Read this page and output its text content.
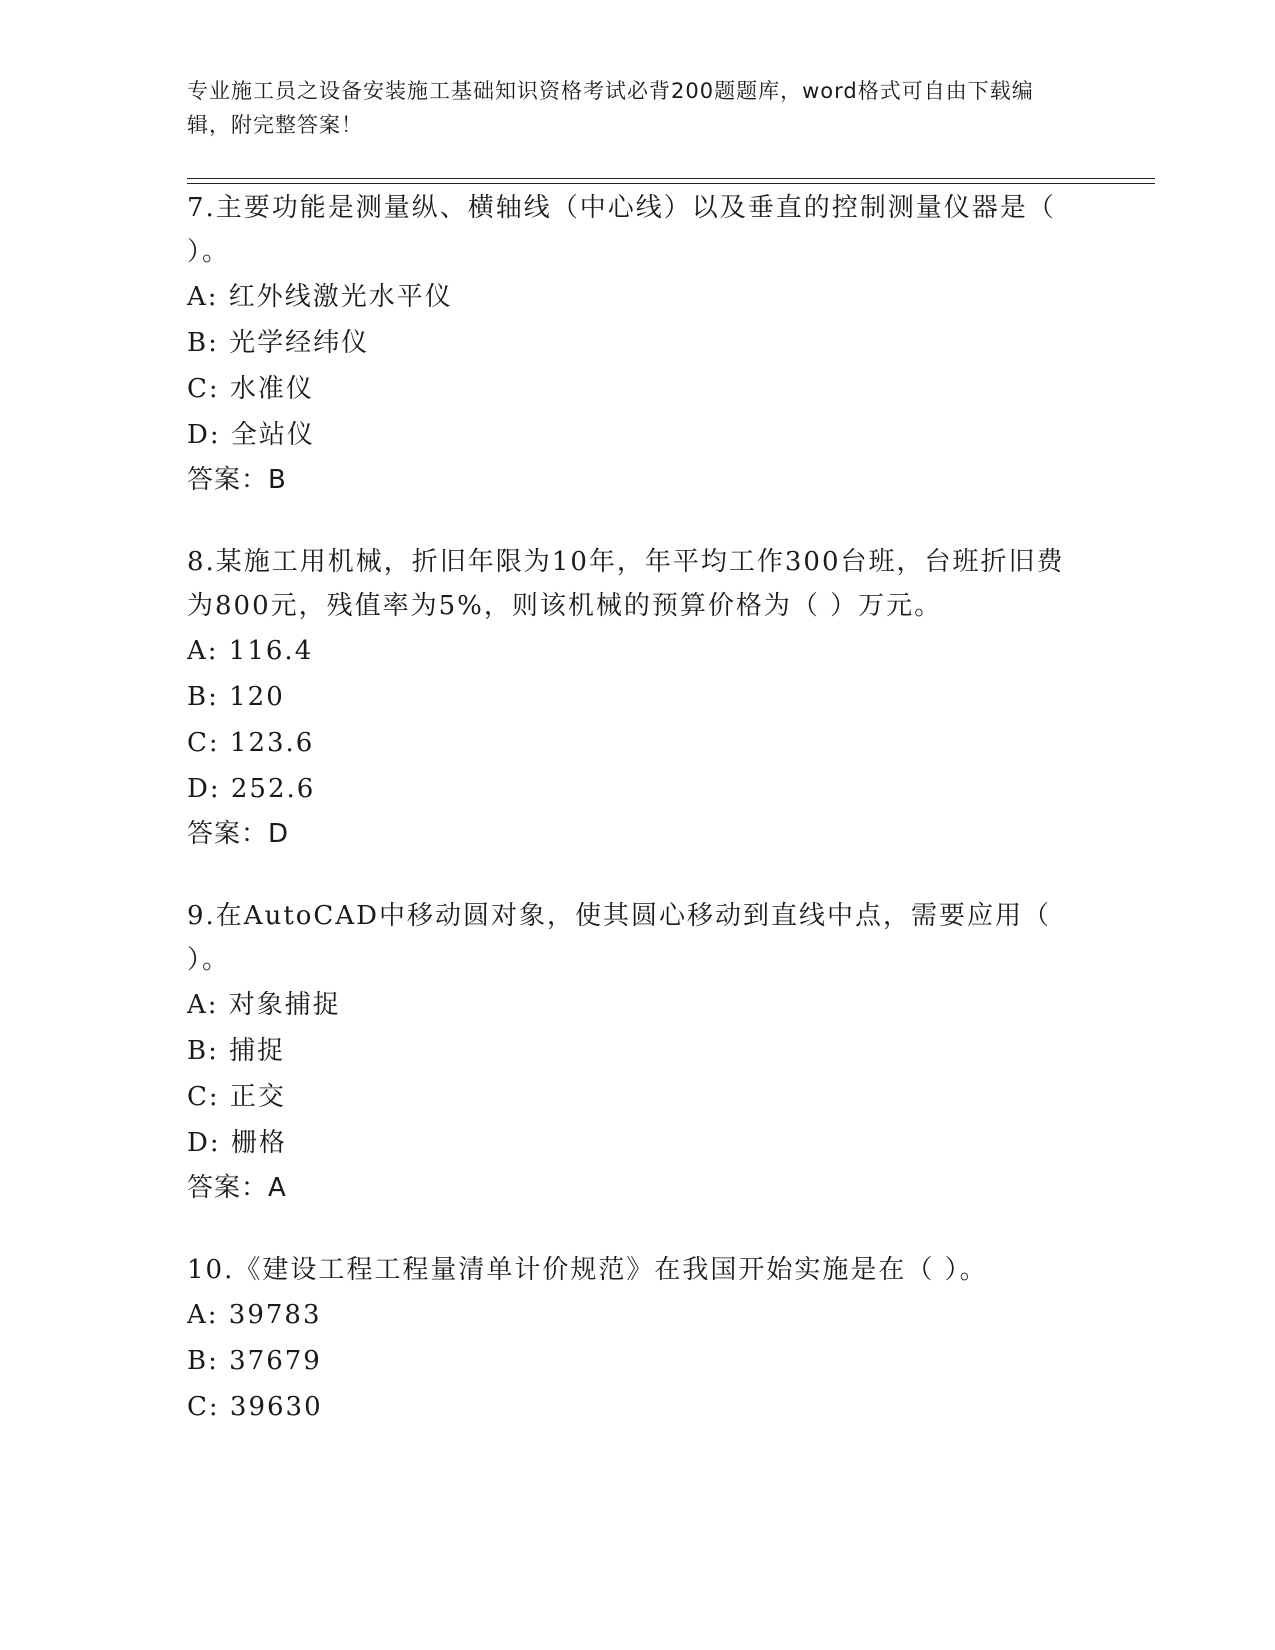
专业施工员之设备安装施工基础知识资格考试必背200题题库，word格式可自由下载编辑，附完整答案！
7.主要功能是测量纵、横轴线（中心线）以及垂直的控制测量仪器是（ ）。
A: 红外线激光水平仪
B: 光学经纬仪
C: 水准仪
D: 全站仪
答案：B
8.某施工用机械，折旧年限为10年，年平均工作300台班，台班折旧费为800元，残值率为5%，则该机械的预算价格为（ ）万元。
A: 116.4
B: 120
C: 123.6
D: 252.6
答案：D
9.在AutoCAD中移动圆对象，使其圆心移动到直线中点，需要应用（ ）。
A: 对象捕捉
B: 捕捉
C: 正交
D: 栅格
答案：A
10.《建设工程工程量清单计价规范》在我国开始实施是在（ ）。
A: 39783
B: 37679
C: 39630
